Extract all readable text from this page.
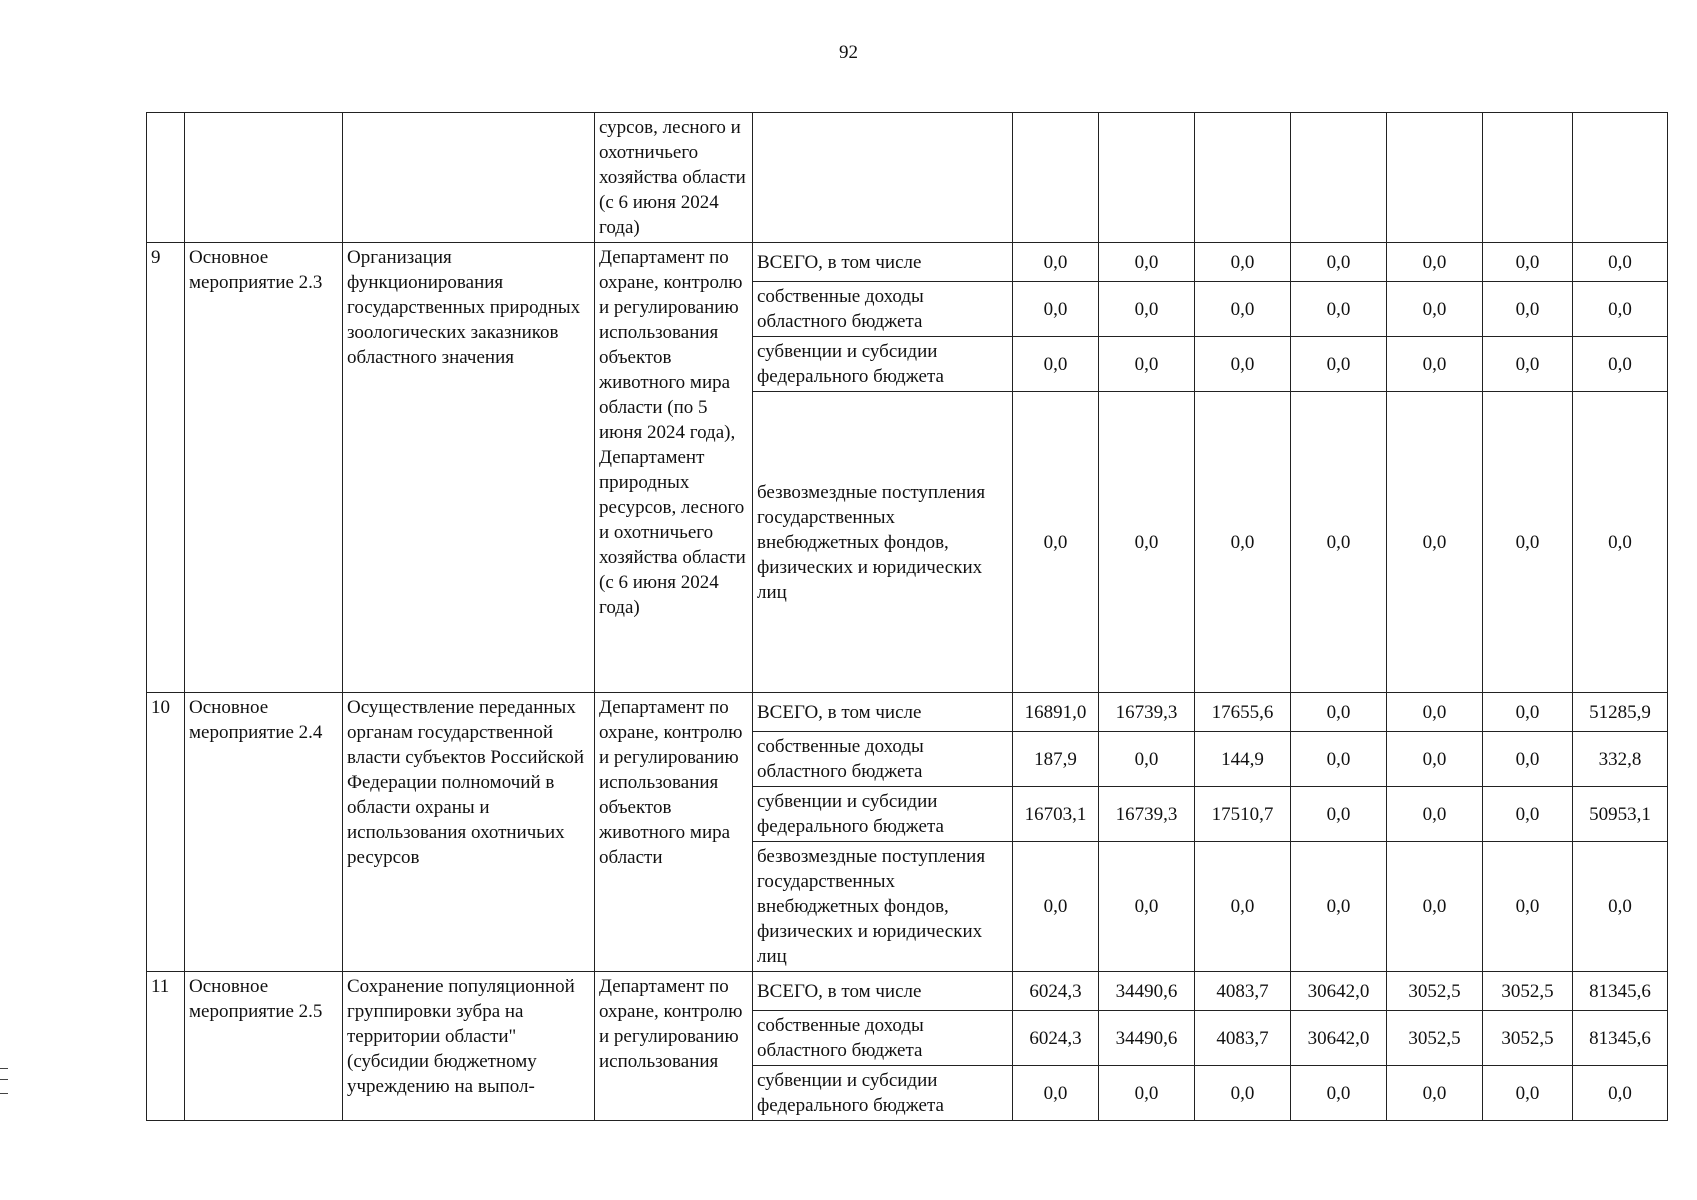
92
			сурсов, лесного и охотничьего хозяйства области (с 6 июня 2024 года)								
9	Основное мероприятие 2.3	Организация функционирования государственных природных зоологических заказников областного значения	Департамент по охране, контролю и регулированию использования объектов животного мира области (по 5 июня 2024 года), Департамент природных ресурсов, лесного и охотничьего хозяйства области (с 6 июня 2024 года)	ВСЕГО, в том числе	0,0	0,0	0,0	0,0	0,0	0,0	0,0
				собственные доходы областного бюджета	0,0	0,0	0,0	0,0	0,0	0,0	0,0
				субвенции и субсидии федерального бюджета	0,0	0,0	0,0	0,0	0,0	0,0	0,0
				безвозмездные поступления государственных внебюджетных фондов, физических и юридических лиц	0,0	0,0	0,0	0,0	0,0	0,0	0,0
10	Основное мероприятие 2.4	Осуществление переданных органам государственной власти субъектов Российской Федерации полномочий в области охраны и использования охотничьих ресурсов	Департамент по охране, контролю и регулированию использования объектов животного мира области	ВСЕГО, в том числе	16891,0	16739,3	17655,6	0,0	0,0	0,0	51285,9
				собственные доходы областного бюджета	187,9	0,0	144,9	0,0	0,0	0,0	332,8
				субвенции и субсидии федерального бюджета	16703,1	16739,3	17510,7	0,0	0,0	0,0	50953,1
				безвозмездные поступления государственных внебюджетных фондов, физических и юридических лиц	0,0	0,0	0,0	0,0	0,0	0,0	0,0
11	Основное мероприятие 2.5	Сохранение популяционной группировки зубра на территории области" (субсидии бюджетному учреждению на выпол-	Департамент по охране, контролю и регулированию использования	ВСЕГО, в том числе	6024,3	34490,6	4083,7	30642,0	3052,5	3052,5	81345,6
				собственные доходы областного бюджета	6024,3	34490,6	4083,7	30642,0	3052,5	3052,5	81345,6
				субвенции и субсидии федерального бюджета	0,0	0,0	0,0	0,0	0,0	0,0	0,0
